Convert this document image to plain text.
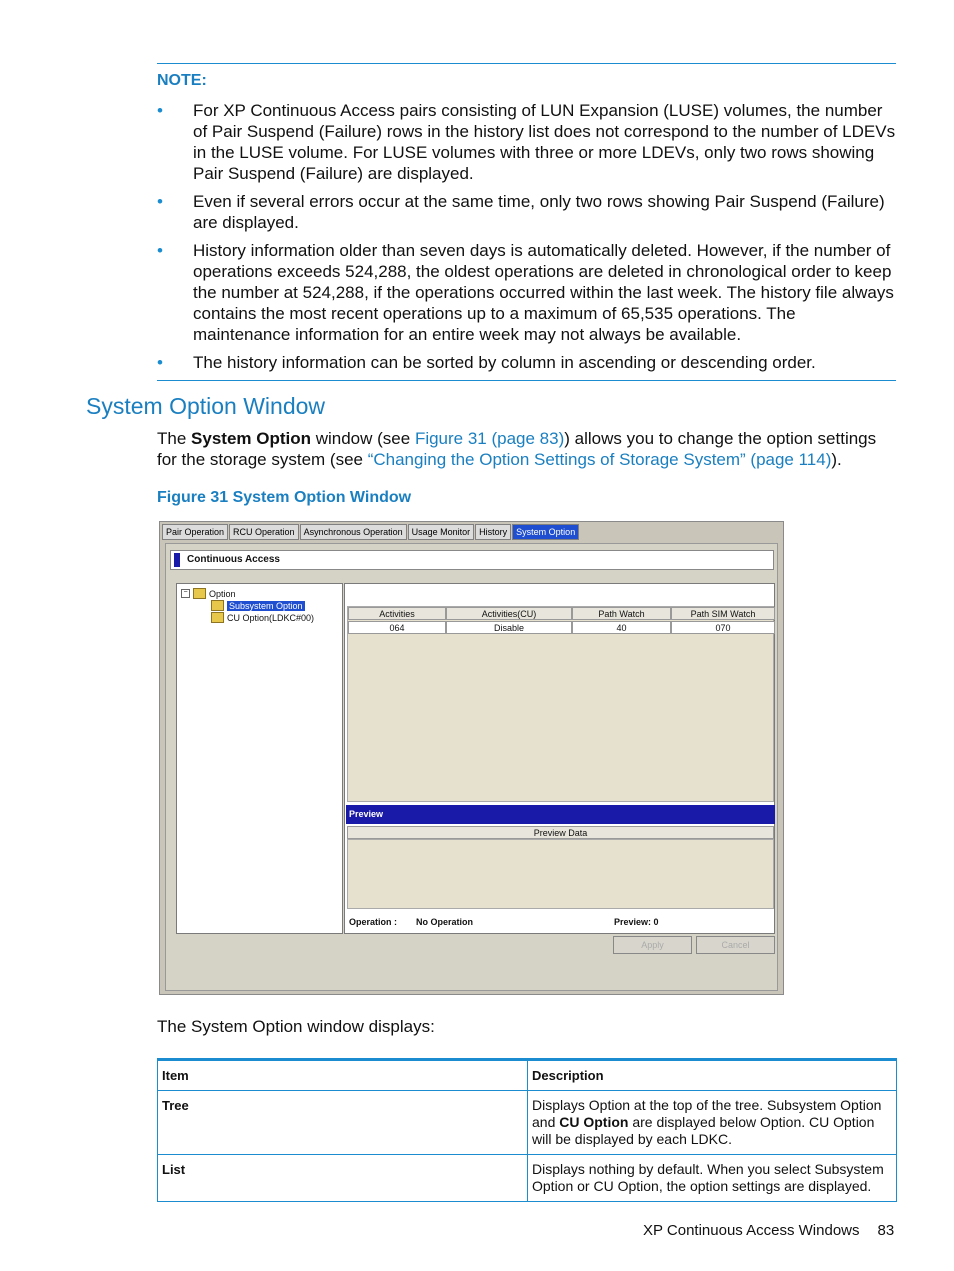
NOTE:
• For XP Continuous Access pairs consisting of LUN Expansion (LUSE) volumes, the number of Pair Suspend (Failure) rows in the history list does not correspond to the number of LDEVs in the LUSE volume. For LUSE volumes with three or more LDEVs, only two rows showing Pair Suspend (Failure) are displayed.
• Even if several errors occur at the same time, only two rows showing Pair Suspend (Failure) are displayed.
• History information older than seven days is automatically deleted. However, if the number of operations exceeds 524,288, the oldest operations are deleted in chronological order to keep the number at 524,288, if the operations occurred within the last week. The history file always contains the most recent operations up to a maximum of 65,535 operations. The maintenance information for an entire week may not always be available.
• The history information can be sorted by column in ascending or descending order.
System Option Window
The System Option window (see Figure 31 (page 83)) allows you to change the option settings for the storage system (see “Changing the Option Settings of Storage System” (page 114)).
Figure 31 System Option Window
Pair Operation	RCU Operation	Asynchronous Operation	Usage Monitor	History	System Option
Continuous Access
− Option
Subsystem Option
CU Option(LDKC#00)	Activities	Activities(CU)	Path Watch	Path SIM Watch
064	Disable	40	070
Preview
Preview Data
Operation : No Operation	Preview: 0
Apply	Cancel
The System Option window displays:
Item	Description
Tree	Displays Option at the top of the tree. Subsystem Option and CU Option are displayed below Option. CU Option will be displayed by each LDKC.
List	Displays nothing by default. When you select Subsystem Option or CU Option, the option settings are displayed.
XP Continuous Access Windows 83
